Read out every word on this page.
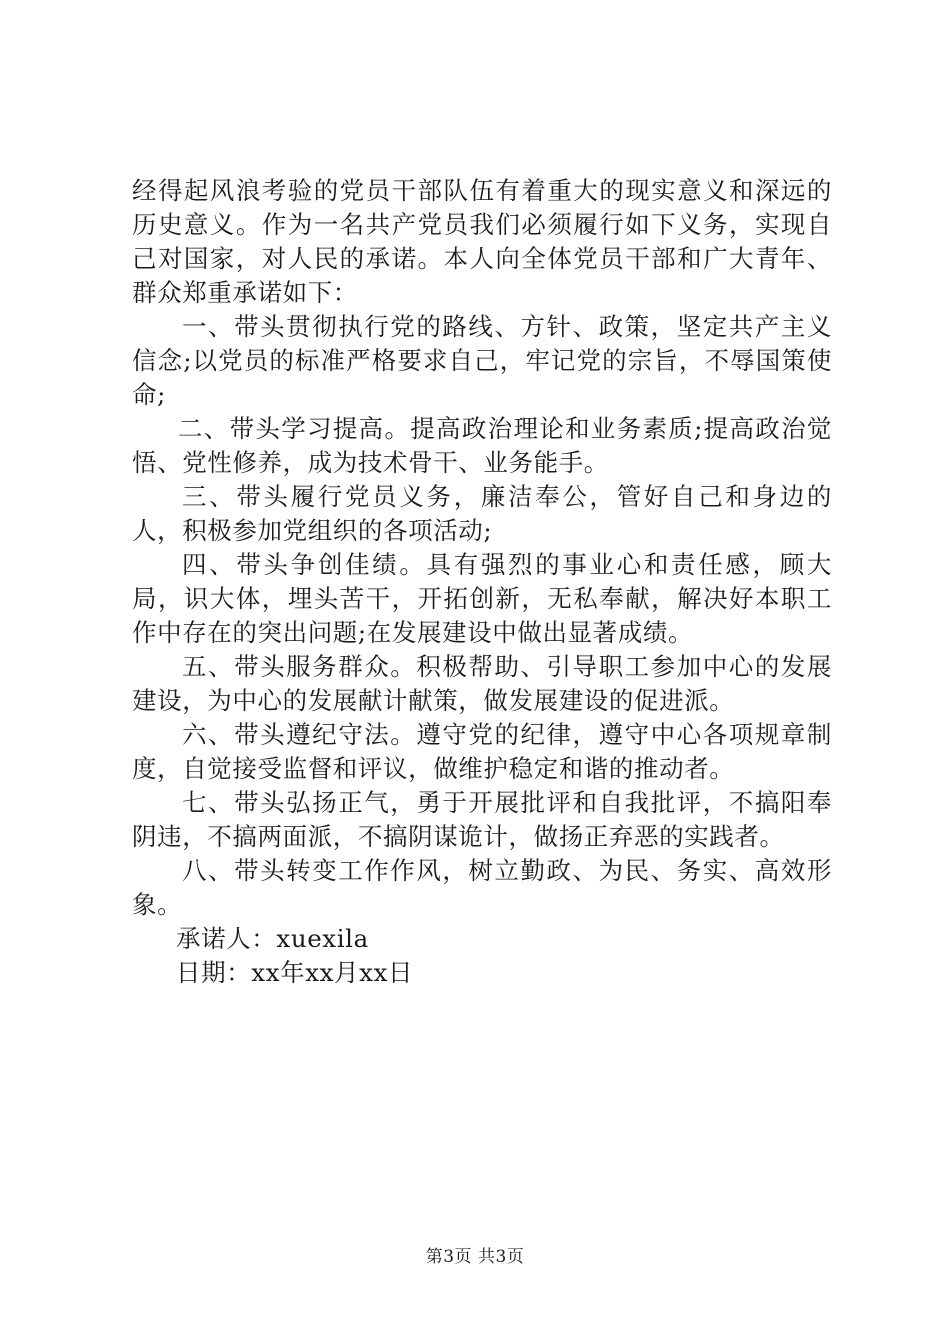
经得起风浪考验的党员干部队伍有着重大的现实意义和深远的历史意义。作为一名共产党员我们必须履行如下义务，实现自己对国家，对人民的承诺。本人向全体党员干部和广大青年、群众郑重承诺如下：

一、带头贯彻执行党的路线、方针、政策，坚定共产主义信念;以党员的标准严格要求自己，牢记党的宗旨，不辱国策使命;

二、带头学习提高。提高政治理论和业务素质;提高政治觉悟、党性修养，成为技术骨干、业务能手。

三、带头履行党员义务，廉洁奉公，管好自己和身边的人，积极参加党组织的各项活动;

四、带头争创佳绩。具有强烈的事业心和责任感，顾大局，识大体，埋头苦干，开拓创新，无私奉献，解决好本职工作中存在的突出问题;在发展建设中做出显著成绩。

五、带头服务群众。积极帮助、引导职工参加中心的发展建设，为中心的发展献计献策，做发展建设的促进派。

六、带头遵纪守法。遵守党的纪律，遵守中心各项规章制度，自觉接受监督和评议，做维护稳定和谐的推动者。

七、带头弘扬正气，勇于开展批评和自我批评，不搞阳奉阴违，不搞两面派，不搞阴谋诡计，做扬正弃恶的实践者。

八、带头转变工作作风，树立勤政、为民、务实、高效形象。

承诺人：xuexila

日期：xx年xx月xx日

第3页 共3页
